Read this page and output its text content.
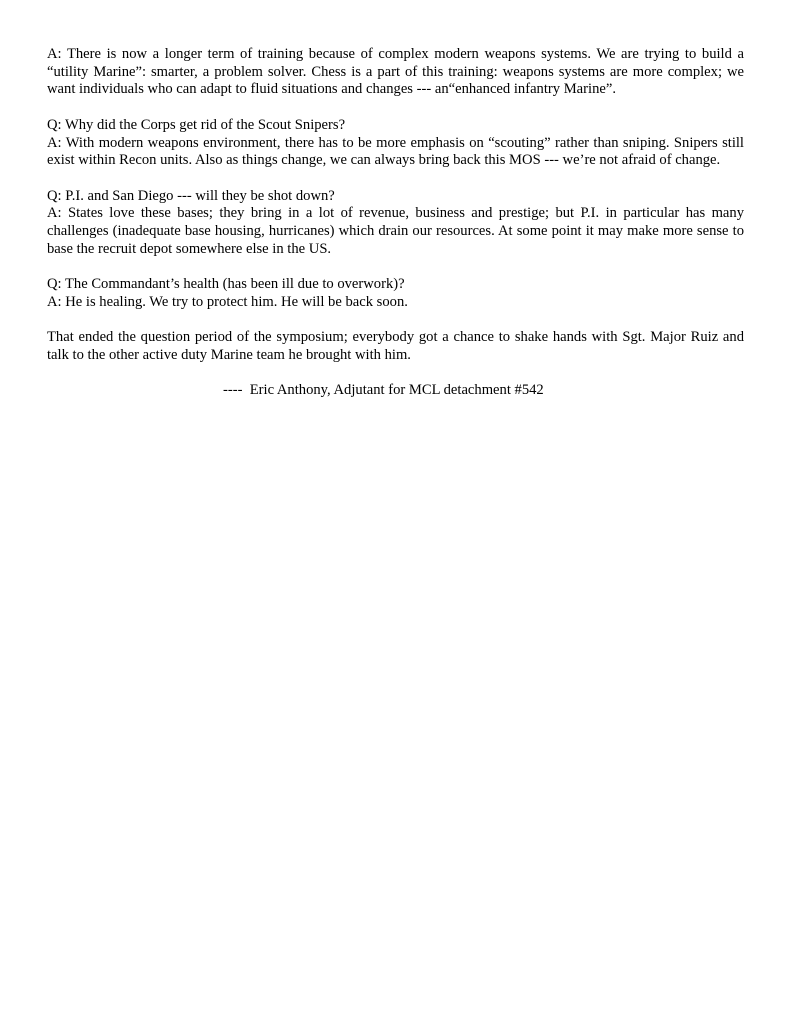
A: There is now a longer term of training because of complex modern weapons systems. We are trying to build a “utility Marine”: smarter, a problem solver. Chess is a part of this training: weapons systems are more complex; we want individuals who can adapt to fluid situations and changes --- an“enhanced infantry Marine”.

Q: Why did the Corps get rid of the Scout Snipers?
A: With modern weapons environment, there has to be more emphasis on “scouting” rather than sniping. Snipers still exist within Recon units. Also as things change, we can always bring back this MOS --- we’re not afraid of change.

Q: P.I. and San Diego --- will they be shot down?
A: States love these bases; they bring in a lot of revenue, business and prestige; but P.I. in particular has many challenges (inadequate base housing, hurricanes) which drain our resources. At some point it may make more sense to base the recruit depot somewhere else in the US.

Q: The Commandant’s health (has been ill due to overwork)?
A: He is healing. We try to protect him. He will be back soon.

That ended the question period of the symposium; everybody got a chance to shake hands with Sgt. Major Ruiz and talk to the other active duty Marine team he brought with him.

----  Eric Anthony, Adjutant for MCL detachment #542
